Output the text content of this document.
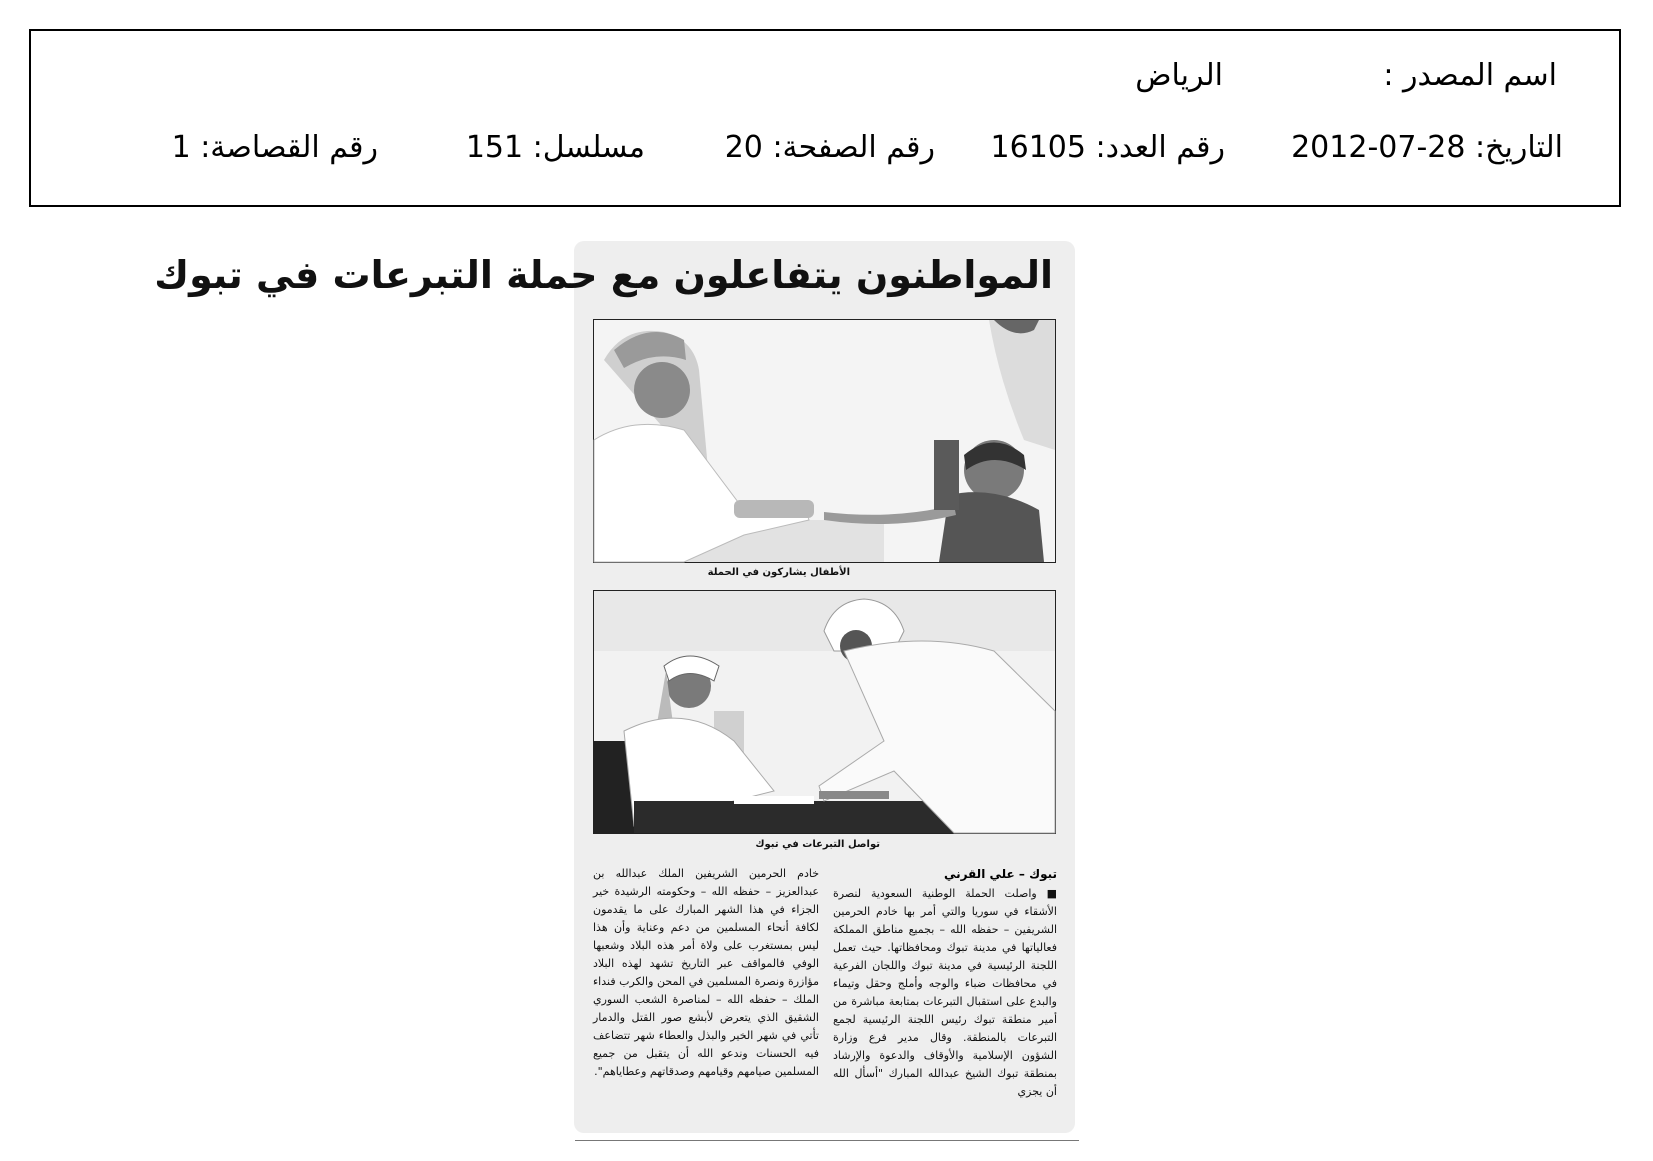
اسم المصدر :
الرياض
التاريخ: 28-07-2012
رقم العدد: 16105
رقم الصفحة: 20
مسلسل: 151
رقم القصاصة: 1
المواطنون يتفاعلون مع حملة التبرعات في تبوك
الأطفال يشاركون في الحملة
تواصل التبرعات في تبوك
تبوك – علي القرني

■ واصلت الحملة الوطنية السعودية لنصرة الأشقاء في سوريا والتي أمر بها خادم الحرمين الشريفين – حفظه الله – بجميع مناطق المملكة فعالياتها في مدينة تبوك ومحافظاتها. حيث تعمل اللجنة الرئيسية في مدينة تبوك واللجان الفرعية في محافظات ضباء والوجه وأملج وحقل وتيماء والبدع على استقبال التبرعات بمتابعة مباشرة من أمير منطقة تبوك رئيس اللجنة الرئيسية لجمع التبرعات بالمنطقة. وقال مدير فرع وزارة الشؤون الإسلامية والأوقاف والدعوة والإرشاد بمنطقة تبوك الشيخ عبدالله المبارك "أسأل الله أن يجزي

خادم الحرمين الشريفين الملك عبدالله بن عبدالعزيز – حفظه الله – وحكومته الرشيدة خير الجزاء في هذا الشهر المبارك على ما يقدمون لكافة أنحاء المسلمين من دعم وعناية وأن هذا ليس بمستغرب على ولاة أمر هذه البلاد وشعبها الوفي فالمواقف عبر التاريخ تشهد لهذه البلاد مؤازرة ونصرة المسلمين في المحن والكرب فنداء الملك – حفظه الله – لمناصرة الشعب السوري الشقيق الذي يتعرض لأبشع صور القتل والدمار تأتي في شهر الخير والبذل والعطاء شهر تتضاعف فيه الحسنات وندعو الله أن يتقبل من جميع المسلمين صيامهم وقيامهم وصدقاتهم وعطاياهم".
